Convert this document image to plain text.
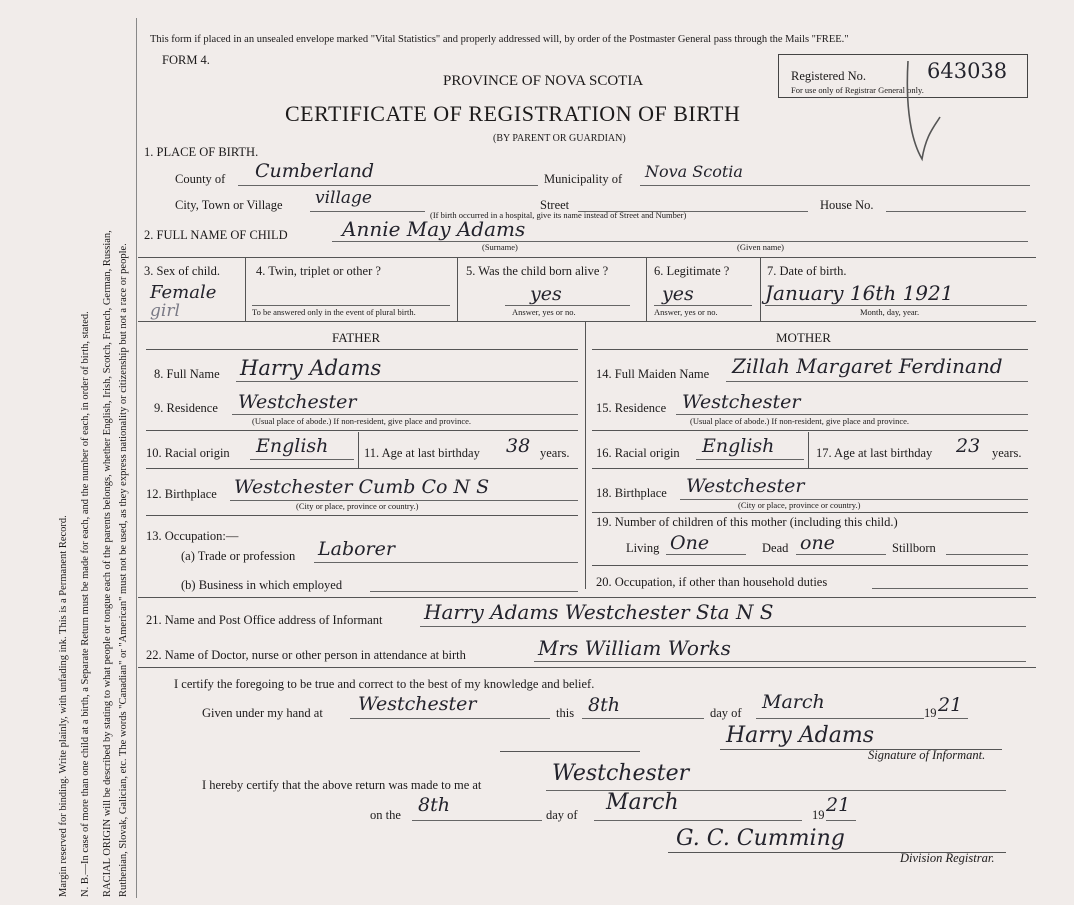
Margin reserved for binding. Write plainly, with unfading ink. This is a Permanent Record. N. B.—In case of more than one child at a birth, a Separate Return must be made for each, and the number of each, in order of birth, stated. RACIAL ORIGIN will be described by stating to what people or tongue each of the parents belongs, whether English, Irish, Scotch, French, German, Russian, Ruthenian, Slovak, Galician, etc. The words "Canadian" or "American" must not be used, as they express nationality or citizenship but not a race or people.
This form if placed in an unsealed envelope marked "Vital Statistics" and properly addressed will, by order of the Postmaster General pass through the Mails "FREE."
FORM 4.
PROVINCE OF NOVA SCOTIA
CERTIFICATE OF REGISTRATION OF BIRTH
(BY PARENT OR GUARDIAN)
Registered No.	643038
For use only of Registrar General only.
1. PLACE OF BIRTH.
County of Cumberland	Municipality of Nova Scotia
City, Town or Village village	Street	House No.
(If birth occurred in a hospital, give its name instead of Street and Number)
2. FULL NAME OF CHILD	Annie May Adams
(Surname)	(Given name)
3. Sex of child.
Female
girl
4. Twin, triplet or other ?
To be answered only in the event of plural birth.
5. Was the child born alive ?
yes
Answer, yes or no.
6. Legitimate ?
yes
Answer, yes or no.
7. Date of birth.
January 16th 1921
Month, day, year.
FATHER
8. Full Name Harry Adams
9. Residence Westchester
(Usual place of abode.) If non-resident, give place and province.
10. Racial origin English	11. Age at last birthday 38 years.
12. Birthplace Westchester Cumb Co N S
(City or place, province or country.)
13. Occupation:—
(a) Trade or profession Laborer
(b) Business in which employed
MOTHER
14. Full Maiden Name Zillah Margaret Ferdinand
15. Residence Westchester
(Usual place of abode.) If non-resident, give place and province.
16. Racial origin English	17. Age at last birthday 23 years.
18. Birthplace Westchester
(City or place, province or country.)
19. Number of children of this mother (including this child.)
Living One	Dead one	Stillborn
20. Occupation, if other than household duties
21. Name and Post Office address of Informant Harry Adams Westchester Sta N S
22. Name of Doctor, nurse or other person in attendance at birth	Mrs William Works
I certify the foregoing to be true and correct to the best of my knowledge and belief.
Given under my hand at Westchester	this 8th	day of March	19 21
Harry Adams
Signature of Informant.
I hereby certify that the above return was made to me at	Westchester
on the 8th	day of March	19 21
G. C. Cumming
Division Registrar.
